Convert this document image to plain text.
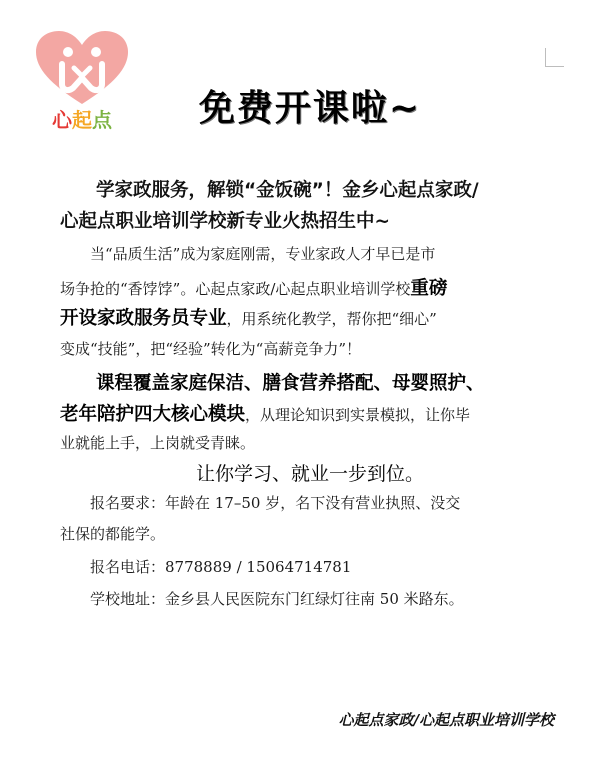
心起点	免费开课啦~
学家政服务，解锁“金饭碗”！金乡心起点家政/
心起点职业培训学校新专业火热招生中~
当“品质生活”成为家庭刚需，专业家政人才早已是市
场争抢的“香饽饽”。心起点家政/心起点职业培训学校重磅
开设家政服务员专业，用系统化教学，帮你把“细心”
变成“技能”，把“经验”转化为“高薪竞争力”！
课程覆盖家庭保洁、膳食营养搭配、母婴照护、
老年陪护四大核心模块，从理论知识到实景模拟，让你毕
业就能上手，上岗就受青睐。
让你学习、就业一步到位。
报名要求：年龄在 17–50 岁，名下没有营业执照、没交
社保的都能学。
报名电话：8778889 / 15064714781
学校地址：金乡县人民医院东门红绿灯往南 50 米路东。
心起点家政/心起点职业培训学校
